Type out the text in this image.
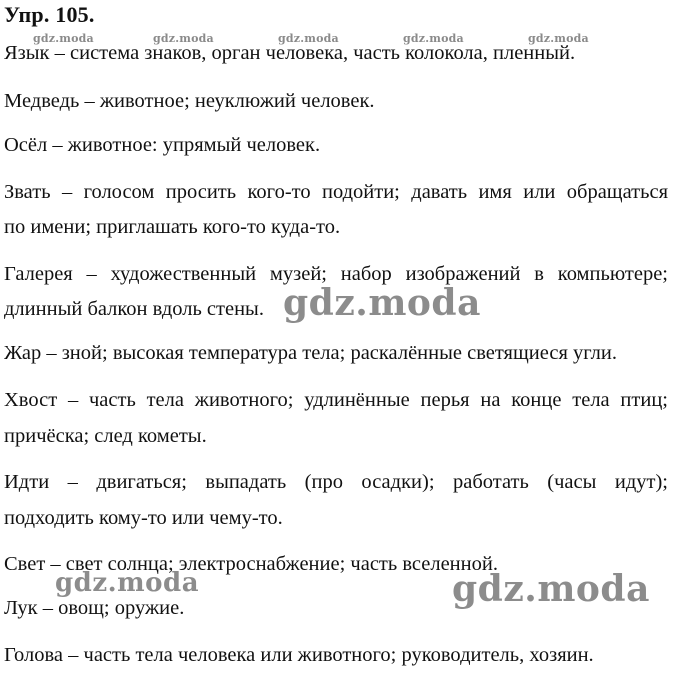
Упр. 105.
gdz.moda	gdz.moda	gdz.moda	gdz.moda	gdz.moda
Язык – система знаков, орган человека, часть колокола, пленный.
Медведь – животное; неуклюжий человек.
Осёл – животное: упрямый человек.
Звать – голосом просить кого-то подойти; давать имя или обращаться
по имени; приглашать кого-то куда-то.
Галерея – художественный музей; набор изображений в компьютере;
длинный балкон вдоль стены.
Жар – зной; высокая температура тела; раскалённые светящиеся угли.
Хвост – часть тела животного; удлинённые перья на конце тела птиц;
причёска; след кометы.
Идти – двигаться; выпадать (про осадки); работать (часы идут);
подходить кому-то или чему-то.
Свет – свет солнца; электроснабжение; часть вселенной.
Лук – овощ; оружие.
Голова – часть тела человека или животного; руководитель, хозяин.
gdz.moda
gdz.moda	gdz.moda
